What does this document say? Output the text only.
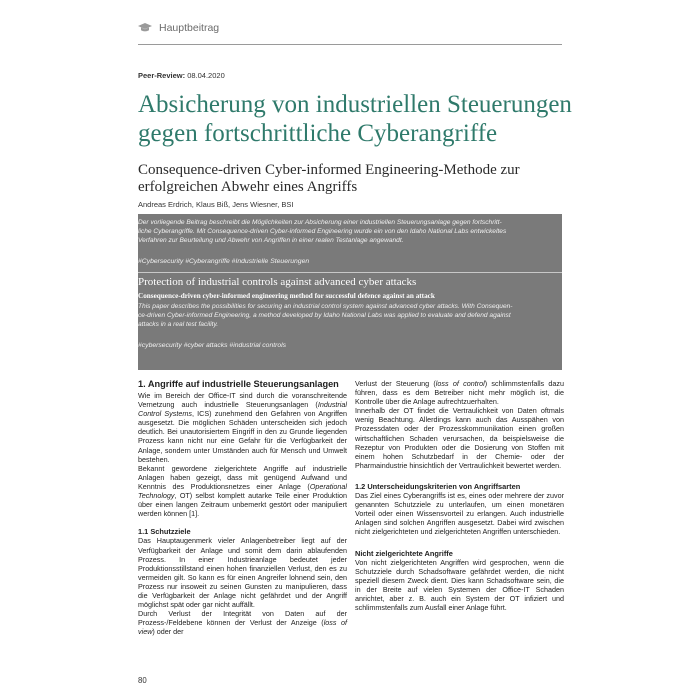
Hauptbeitrag
Peer-Review: 08.04.2020
Absicherung von industriellen Steuerungen gegen fortschrittliche Cyberangriffe

Consequence-driven Cyber-informed Engineering-Methode zur erfolgreichen Abwehr eines Angriffs

Andreas Erdrich, Klaus Biß, Jens Wiesner, BSI
Der vorliegende Beitrag beschreibt die Möglichkeiten zur Absicherung einer industriellen Steuerungsanlage gegen fortschritt-
liche Cyberangriffe. Mit Consequence-driven Cyber-informed Engineering wurde ein von den Idaho National Labs entwickeltes
Verfahren zur Beurteilung und Abwehr von Angriffen in einer realen Testanlage angewandt.
#Cybersecurity #Cyberangriffe #Industrielle Steuerungen
Protection of industrial controls against advanced cyber attacks
Consequence-driven cyber-informed engineering method for successful defence against an attack
This paper describes the possibilities for securing an industrial control system against advanced cyber attacks. With Consequen-
ce-driven Cyber-informed Engineering, a method developed by Idaho National Labs was applied to evaluate and defend against
attacks in a real test facility.
#cybersecurity #cyber attacks #industrial controls
1. Angriffe auf industrielle Steuerungsanlagen

Wie im Bereich der Office-IT sind durch die voranschreitende Vernetzung auch industrielle Steuerungsanlagen (Industrial Control Systems, ICS) zunehmend den Gefahren von Angriffen ausgesetzt. Die möglichen Schäden unterscheiden sich jedoch deutlich. Bei unautorisiertem Eingriff in den zu Grunde liegenden Prozess kann nicht nur eine Gefahr für die Verfügbarkeit der Anlage, sondern unter Umständen auch für Mensch und Umwelt bestehen.

Bekannt gewordene zielgerichtete Angriffe auf industrielle Anlagen haben gezeigt, dass mit genügend Aufwand und Kenntnis des Produktionsnetzes einer Anlage (Operational Technology, OT) selbst komplett autarke Teile einer Produktion über einen langen Zeitraum unbemerkt gestört oder manipuliert werden können [1].

1.1 Schutzziele

Das Hauptaugenmerk vieler Anlagenbetreiber liegt auf der Verfügbarkeit der Anlage und somit dem darin ablaufenden Prozess. In einer Industrieanlage bedeutet jeder Produktionsstillstand einen hohen finanziellen Verlust, den es zu vermeiden gilt. So kann es für einen Angreifer lohnend sein, den Prozess nur insoweit zu seinen Gunsten zu manipulieren, dass die Verfügbarkeit der Anlage nicht gefährdet und der Angriff möglichst spät oder gar nicht auffällt.

Durch Verlust der Integrität von Daten auf der Prozess-/Feldebene können der Verlust der Anzeige (loss of view) oder der

Verlust der Steuerung (loss of control) schlimmstenfalls dazu führen, dass es dem Betreiber nicht mehr möglich ist, die Kontrolle über die Anlage aufrechtzuerhalten.

Innerhalb der OT findet die Vertraulichkeit von Daten oftmals wenig Beachtung. Allerdings kann auch das Ausspähen von Prozessdaten oder der Prozesskommunikation einen großen wirtschaftlichen Schaden verursachen, da beispielsweise die Rezeptur von Produkten oder die Dosierung von Stoffen mit einem hohen Schutzbedarf in der Chemie- oder der Pharmaindustrie hinsichtlich der Vertraulichkeit bewertet werden.

1.2 Unterscheidungskriterien von Angriffsarten

Das Ziel eines Cyberangriffs ist es, eines oder mehrere der zuvor genannten Schutzziele zu unterlaufen, um einen monetären Vorteil oder einen Wissensvorteil zu erlangen. Auch industrielle Anlagen sind solchen Angriffen ausgesetzt. Dabei wird zwischen nicht zielgerichteten und zielgerichteten Angriffen unterschieden.

Nicht zielgerichtete Angriffe

Von nicht zielgerichteten Angriffen wird gesprochen, wenn die Schutzziele durch Schadsoftware gefährdet werden, die nicht speziell diesem Zweck dient. Dies kann Schadsoftware sein, die in der Breite auf vielen Systemen der Office-IT Schaden anrichtet, aber z. B. auch ein System der OT infiziert und schlimmstenfalls zum Ausfall einer Anlage führt.

80
